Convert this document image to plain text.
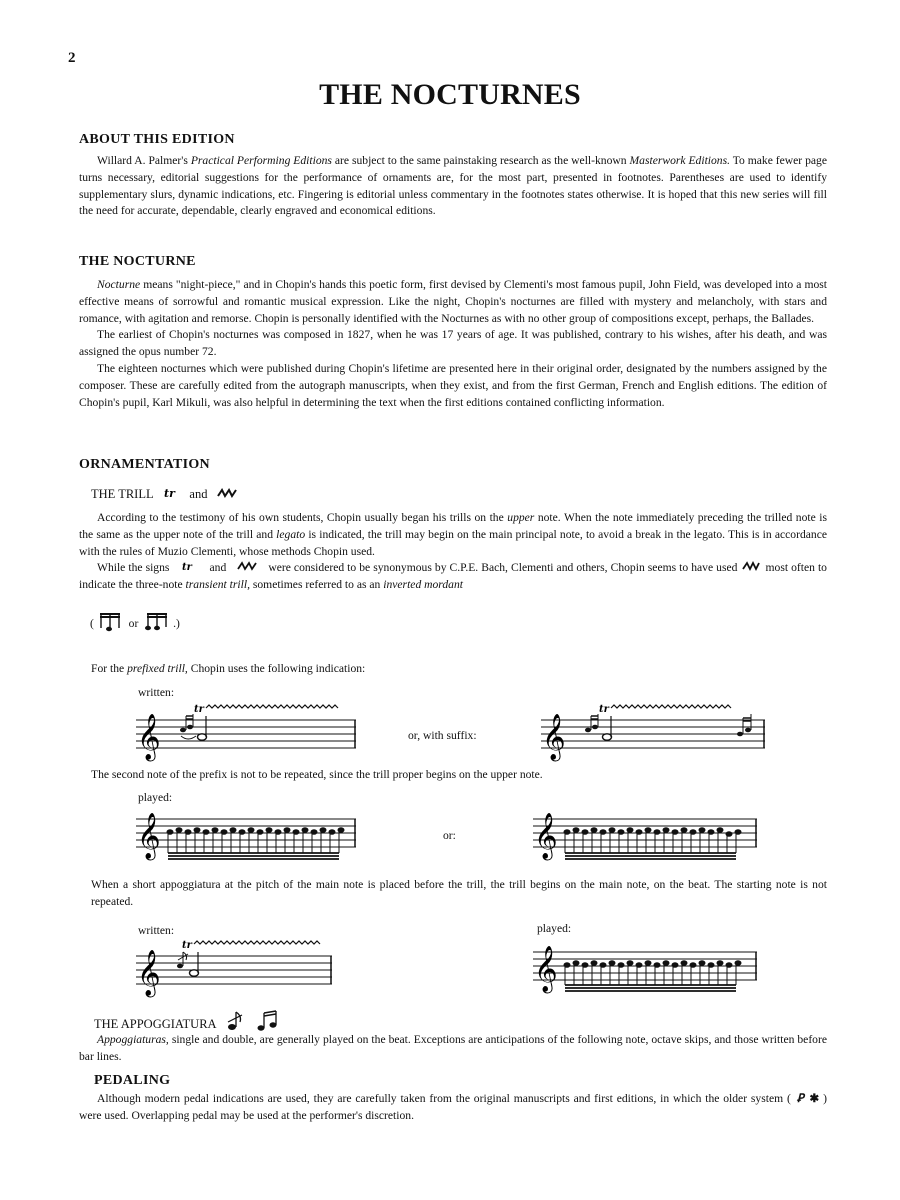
2
THE NOCTURNES
ABOUT THIS EDITION

Willard A. Palmer's Practical Performing Editions are subject to the same painstaking research as the well-known Masterwork Editions. To make fewer page turns necessary, editorial suggestions for the performance of ornaments are, for the most part, presented in footnotes. Parentheses are used to identify supplementary slurs, dynamic indications, etc. Fingering is editorial unless commentary in the footnotes states otherwise. It is hoped that this new series will fill the need for accurate, dependable, clearly engraved and economical editions.

THE NOCTURNE

Nocturne means "night-piece," and in Chopin's hands this poetic form, first devised by Clementi's most famous pupil, John Field, was developed into a most effective means of sorrowful and romantic musical expression. Like the night, Chopin's nocturnes are filled with mystery and melancholy, with stars and romance, with agitation and remorse. Chopin is personally identified with the Nocturnes as with no other group of compositions except, perhaps, the Ballades.

The earliest of Chopin's nocturnes was composed in 1827, when he was 17 years of age. It was published, contrary to his wishes, after his death, and was assigned the opus number 72.

The eighteen nocturnes which were published during Chopin's lifetime are presented here in their original order, designated by the numbers assigned by the composer. These are carefully edited from the autograph manuscripts, when they exist, and from the first German, French and English editions. The edition of Chopin's pupil, Karl Mikuli, was also helpful in determining the text when the first editions contained conflicting information.

ORNAMENTATION
THE TRILL tr and

According to the testimony of his own students, Chopin usually began his trills on the upper note. When the note immediately preceding the trilled note is the same as the upper note of the trill and legato is indicated, the trill may begin on the main principal note, to avoid a break in the legato. This is in accordance with the rules of Muzio Clementi, whose methods Chopin used.

While the signs tr and	were considered to be synonymous by C.P.E. Bach, Clementi and others, Chopin seems to have used most often to indicate the three-note transient trill, sometimes referred to as an inverted mordant

(	or	.)
For the prefixed trill, Chopin uses the following indication:
written:
𝄞
tr
or, with suffix: 𝄞
tr
The second note of the prefix is not to be repeated, since the trill proper begins on the upper note.
played:
𝄞	or: 𝄞

When a short appoggiatura at the pitch of the main note is placed before the trill, the trill begins on the main note, on the beat. The starting note is not repeated.

written:	played:
𝄞
tr
𝄞
THE APPOGGIATURA

Appoggiaturas, single and double, are generally played on the beat. Exceptions are anticipations of the following note, octave skips, and those written before bar lines.

PEDALING

Although modern pedal indications are used, they are carefully taken from the original manuscripts and first editions, in which the older system ( Ꝑ ✱ ) were used. Overlapping pedal may be used at the performer's discretion.
